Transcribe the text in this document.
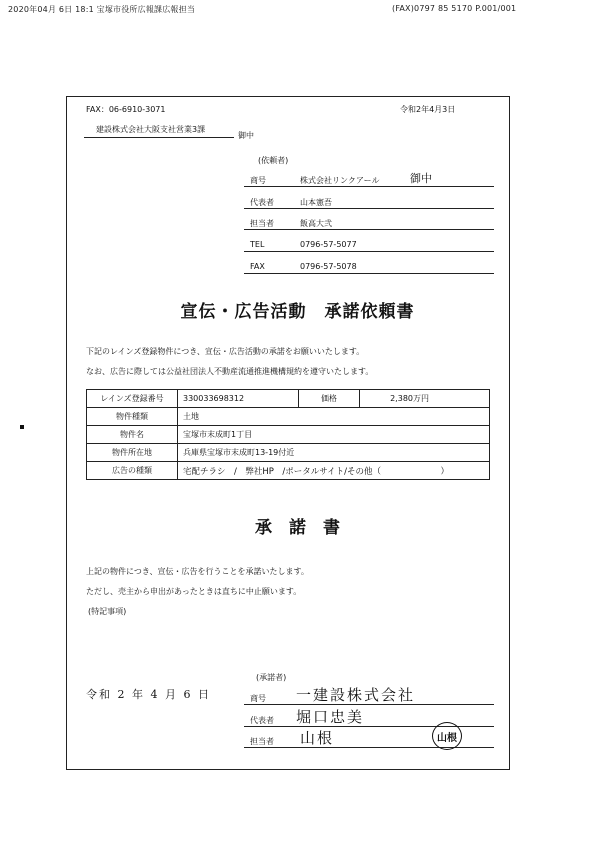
2020年04月 6日 18:1 宝塚市役所広報課広報担当	(FAX)0797 85 5170 P.001/001
FAX：06-6910-3071	令和2年4月3日
建設株式会社大阪支社営業3課
御中
(依頼者)
商号	株式会社リンクアール	御中
代表者	山本憲吾
担当者	飯高大弐
TEL	0796-57-5077
FAX	0796-57-5078
宣伝・広告活動　承諾依頼書
下記のレインズ登録物件につき、宣伝・広告活動の承諾をお願いいたします。
なお、広告に際しては公益社団法人不動産流通推進機構規約を遵守いたします。
レインズ登録番号	330033698312	価格	2,380万円
物件種類	土地		
物件名	宝塚市末成町1丁目		
物件所在地	兵庫県宝塚市末成町13-19付近		
広告の種類	宅配チラシ　/　弊社HP　/ポータルサイト/その他（　　　　　　　）		
承　諾　書
上記の物件につき、宣伝・広告を行うことを承諾いたします。
ただし、売主から申出があったときは直ちに中止願います。
(特記事項)
(承諾者)
令和 2 年 4 月 6 日	商号 一建設株式会社
代表者 堀口忠美
担当者 山根	山根
